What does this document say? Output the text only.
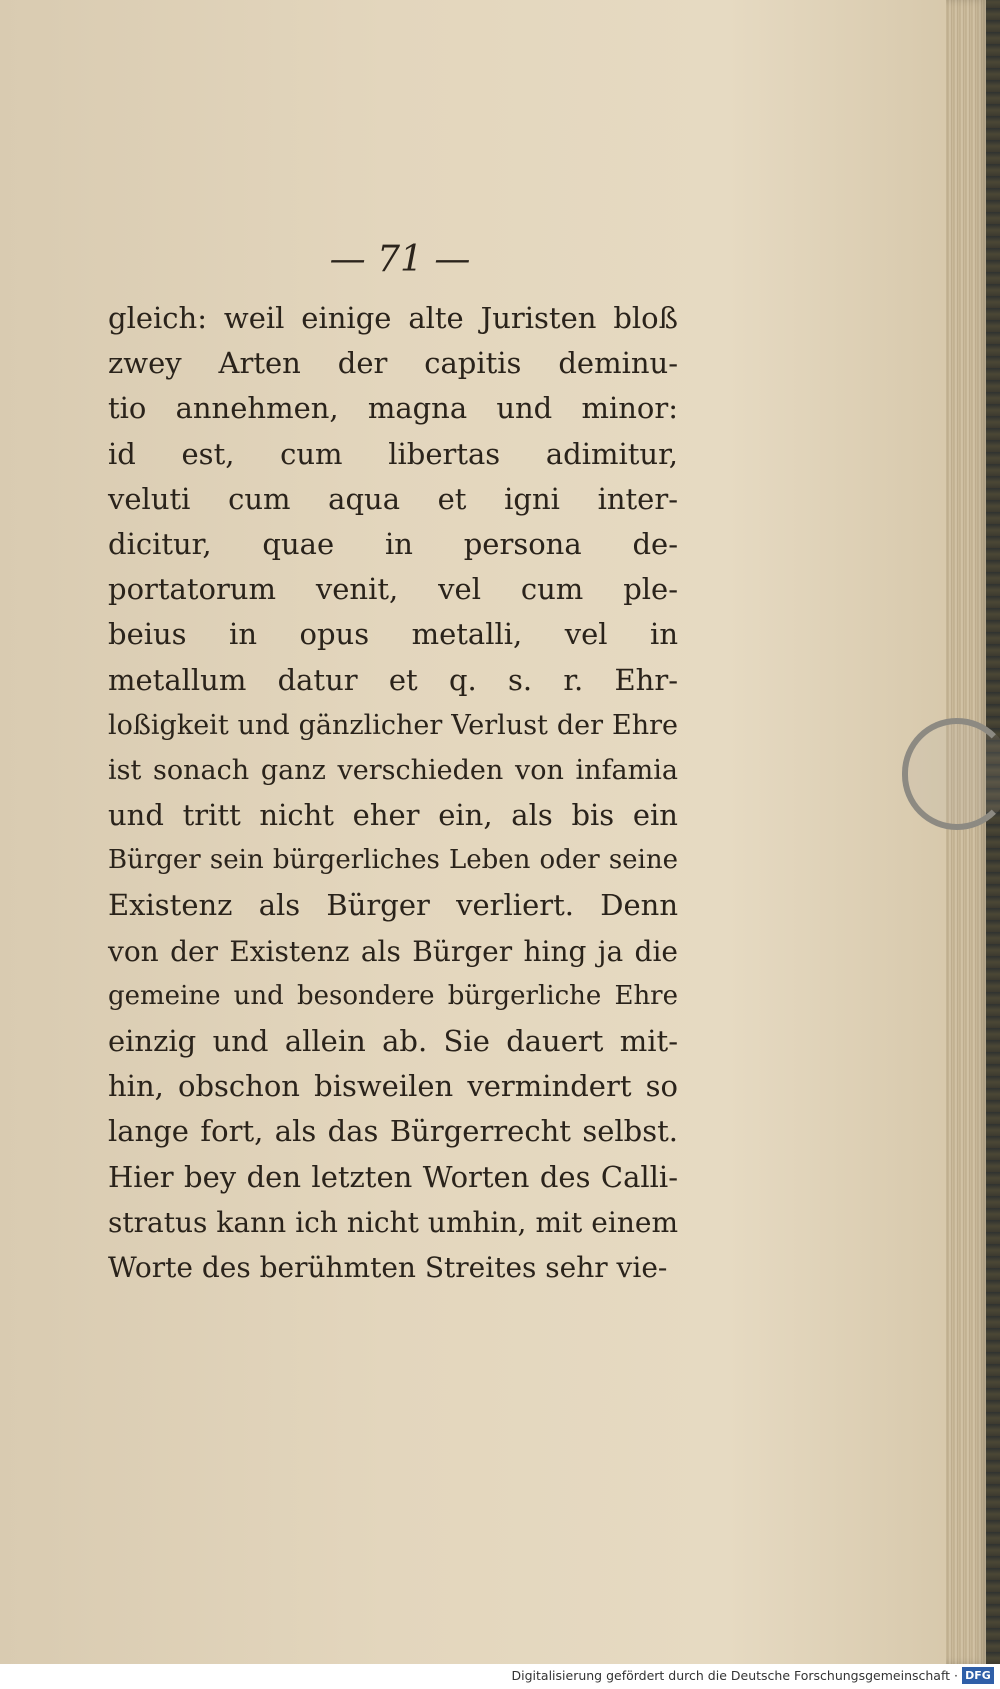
— 71 —
gleich: weil einige alte Juristen bloß
zwey Arten der capitis deminu-
tio annehmen, magna und minor:
id est, cum libertas adimitur,
veluti cum aqua et igni inter-
dicitur, quae in persona de-
portatorum venit, vel cum ple-
beius in opus metalli, vel in
metallum datur et q. s. r. Ehr-
loßigkeit und gänzlicher Verlust der Ehre
ist sonach ganz verschieden von infamia
und tritt nicht eher ein, als bis ein
Bürger sein bürgerliches Leben oder seine
Existenz als Bürger verliert. Denn
von der Existenz als Bürger hing ja die
gemeine und besondere bürgerliche Ehre
einzig und allein ab. Sie dauert mit-
hin, obschon bisweilen vermindert so
lange fort, als das Bürgerrecht selbst.
Hier bey den letzten Worten des Calli-
stratus kann ich nicht umhin, mit einem
Worte des berühmten Streites sehr vie-
Digitalisierung gefördert durch die Deutsche Forschungsgemeinschaft · DFG
